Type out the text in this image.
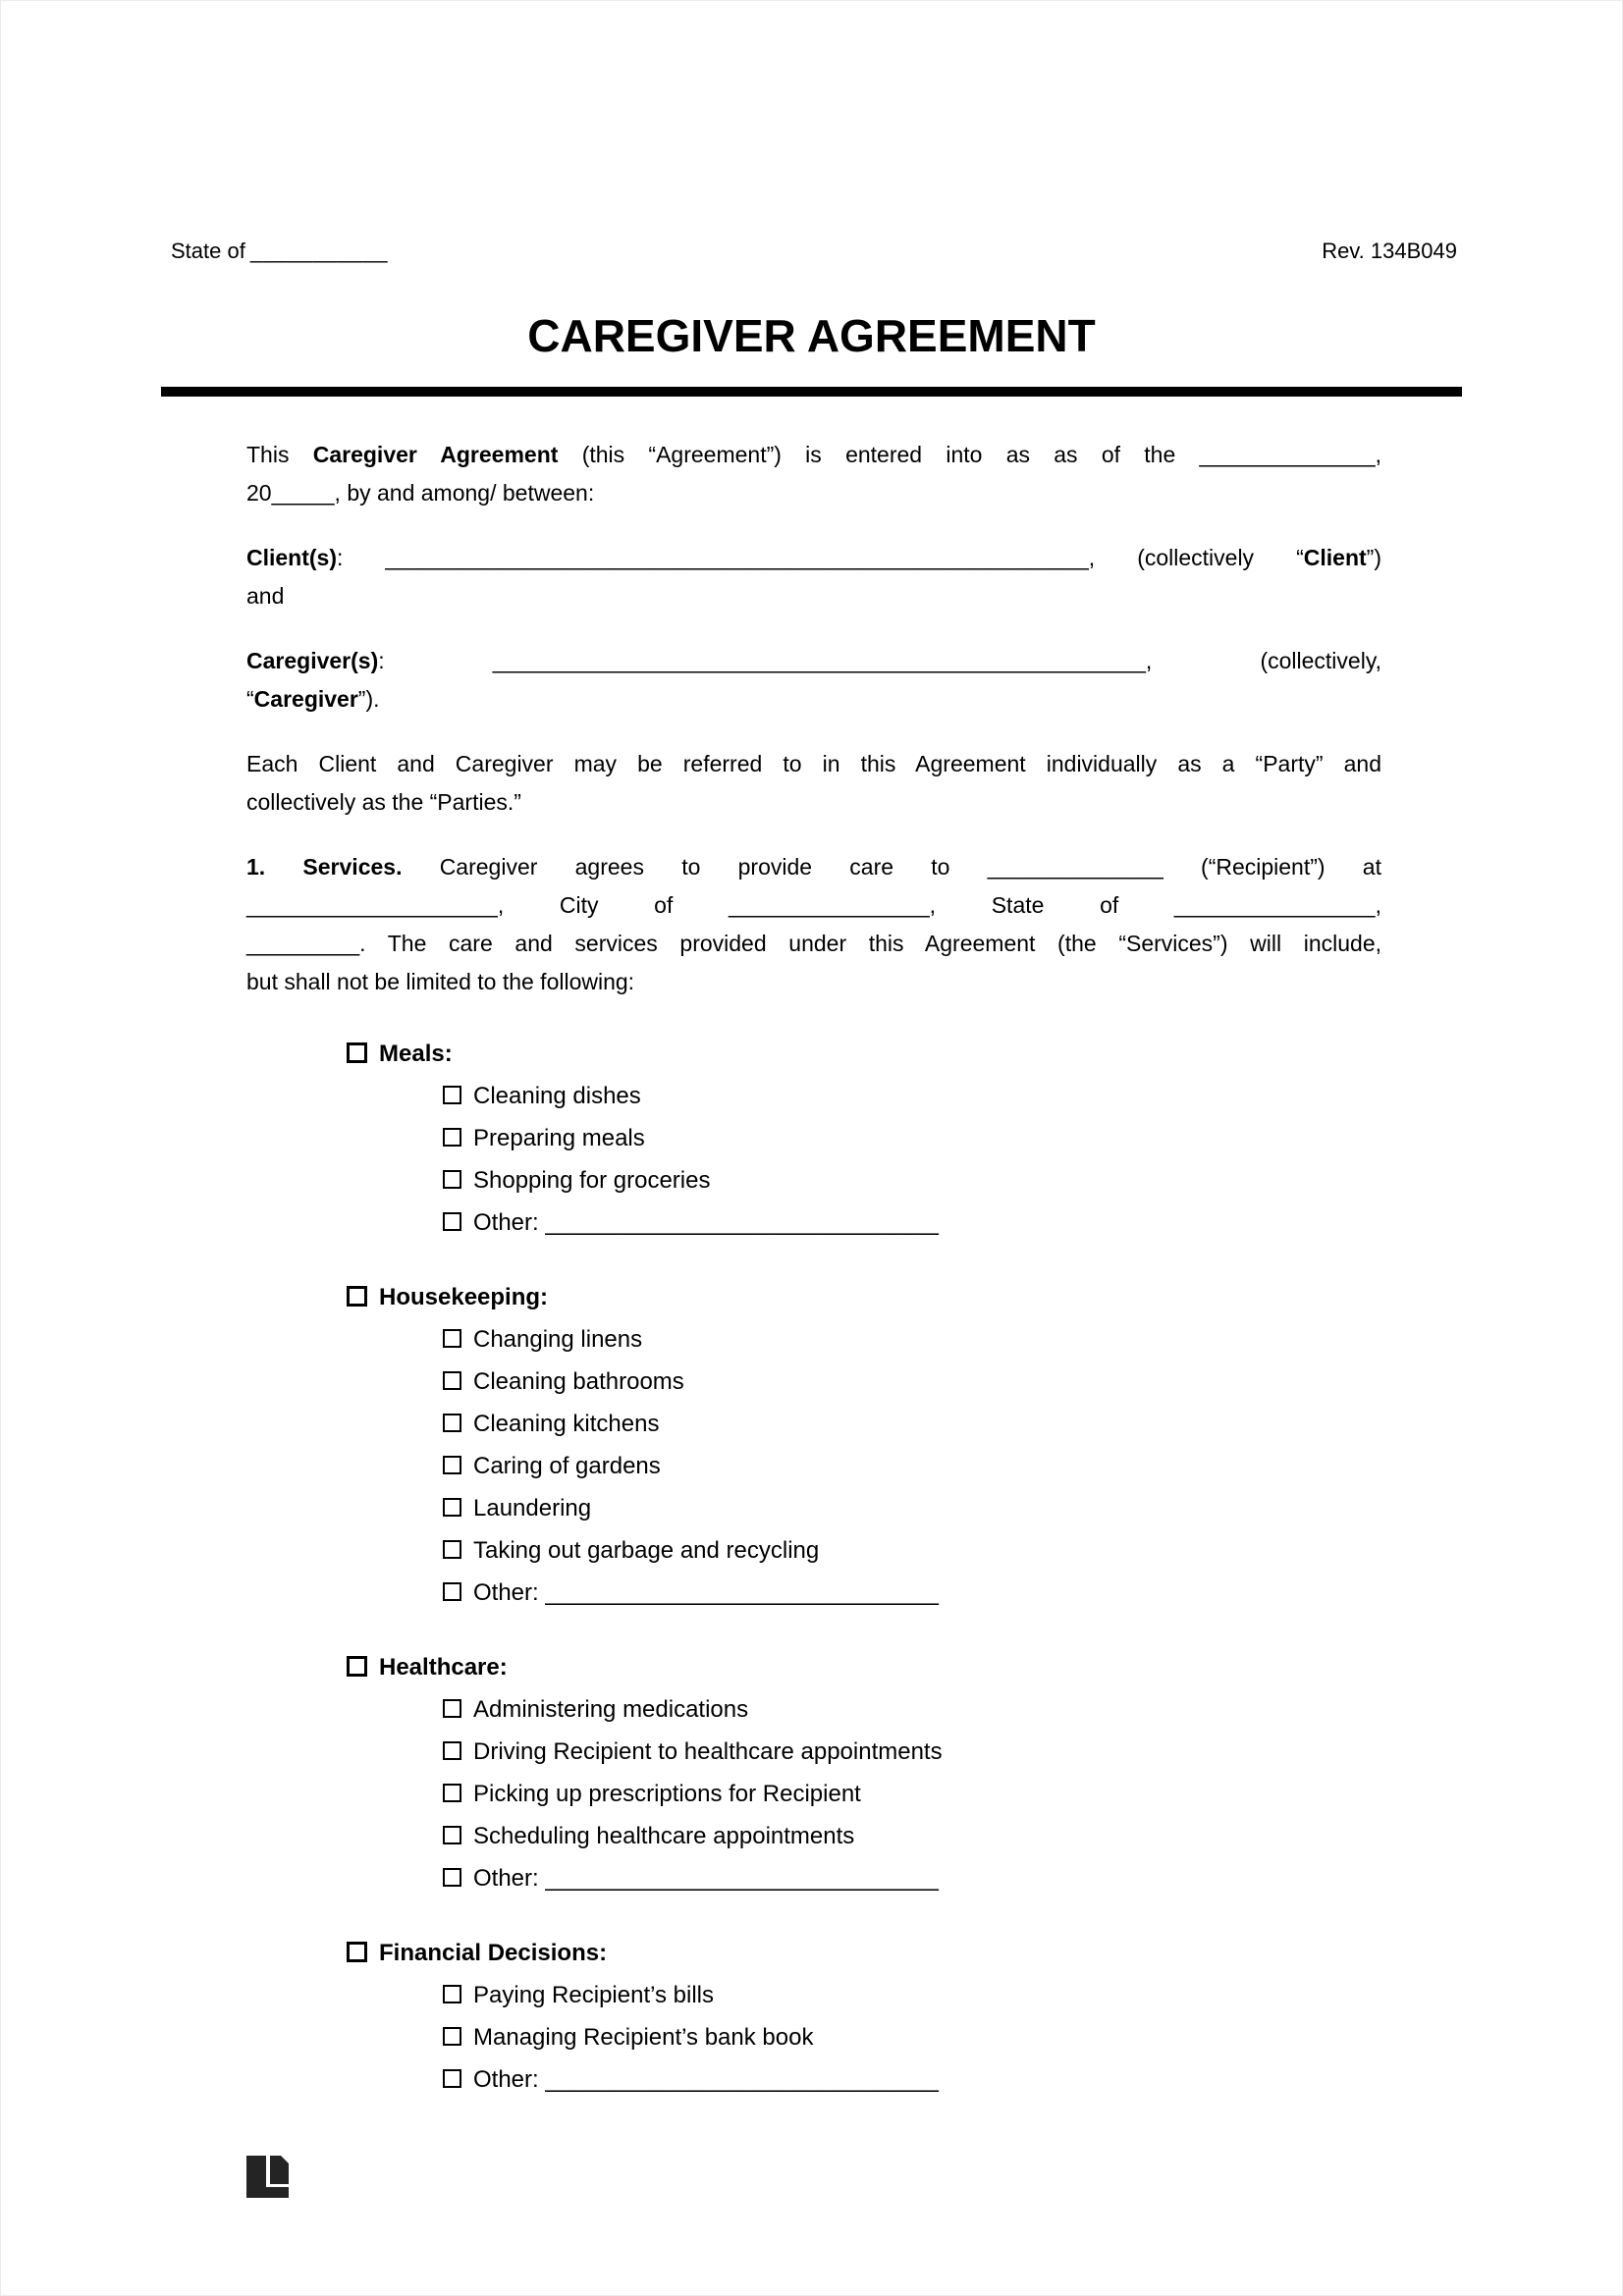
State of ___________	Rev. 134B049
CAREGIVER AGREEMENT
This Caregiver Agreement (this “Agreement”) is entered into as as of the ______________,
20_____, by and among/ between:
Client(s): ________________________________________________________, (collectively “Client”)
and
Caregiver(s): ____________________________________________________, (collectively,
“Caregiver”).
Each Client and Caregiver may be referred to in this Agreement individually as a “Party” and
collectively as the “Parties.”
1. Services. Caregiver agrees to provide care to ______________ (“Recipient”) at
____________________, City of ________________, State of ________________,
_________. The care and services provided under this Agreement (the “Services”) will include,
but shall not be limited to the following:
Meals:
Cleaning dishes
Preparing meals
Shopping for groceries
Other: ______________________________
Housekeeping:
Changing linens
Cleaning bathrooms
Cleaning kitchens
Caring of gardens
Laundering
Taking out garbage and recycling
Other: ______________________________
Healthcare:
Administering medications
Driving Recipient to healthcare appointments
Picking up prescriptions for Recipient
Scheduling healthcare appointments
Other: ______________________________
Financial Decisions:
Paying Recipient’s bills
Managing Recipient’s bank book
Other: ______________________________
